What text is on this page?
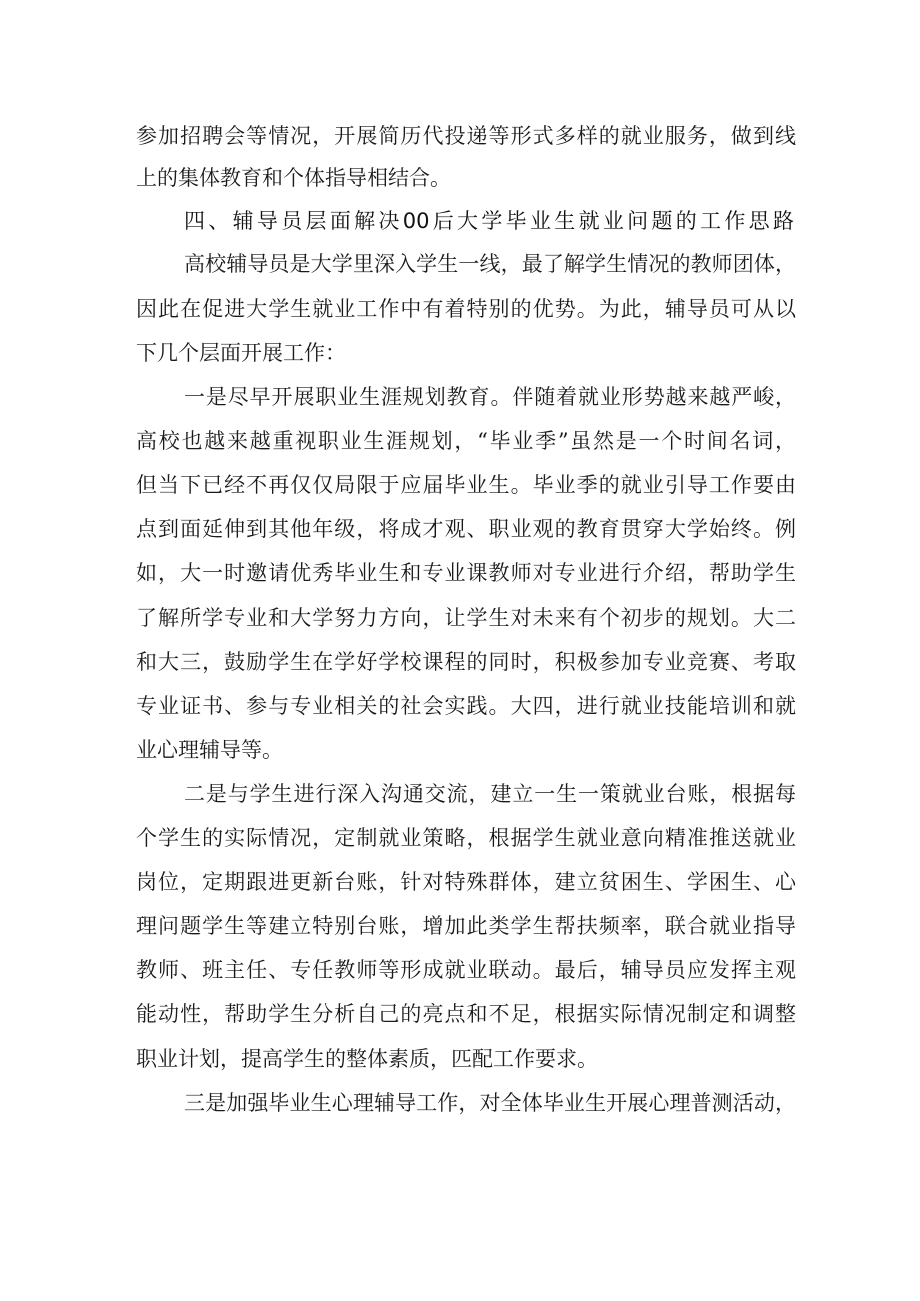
参加招聘会等情况，开展简历代投递等形式多样的就业服务，做到线
上的集体教育和个体指导相结合。
四、辅导员层面解决00后大学毕业生就业问题的工作思路
高校辅导员是大学里深入学生一线，最了解学生情况的教师团体，
因此在促进大学生就业工作中有着特别的优势。为此，辅导员可从以
下几个层面开展工作：
一是尽早开展职业生涯规划教育。伴随着就业形势越来越严峻，
高校也越来越重视职业生涯规划，“毕业季”虽然是一个时间名词，
但当下已经不再仅仅局限于应届毕业生。毕业季的就业引导工作要由
点到面延伸到其他年级，将成才观、职业观的教育贯穿大学始终。例
如，大一时邀请优秀毕业生和专业课教师对专业进行介绍，帮助学生
了解所学专业和大学努力方向，让学生对未来有个初步的规划。大二
和大三，鼓励学生在学好学校课程的同时，积极参加专业竞赛、考取
专业证书、参与专业相关的社会实践。大四，进行就业技能培训和就
业心理辅导等。
二是与学生进行深入沟通交流，建立一生一策就业台账，根据每
个学生的实际情况，定制就业策略，根据学生就业意向精准推送就业
岗位，定期跟进更新台账，针对特殊群体，建立贫困生、学困生、心
理问题学生等建立特别台账，增加此类学生帮扶频率，联合就业指导
教师、班主任、专任教师等形成就业联动。最后，辅导员应发挥主观
能动性，帮助学生分析自己的亮点和不足，根据实际情况制定和调整
职业计划，提高学生的整体素质，匹配工作要求。
三是加强毕业生心理辅导工作，对全体毕业生开展心理普测活动，
